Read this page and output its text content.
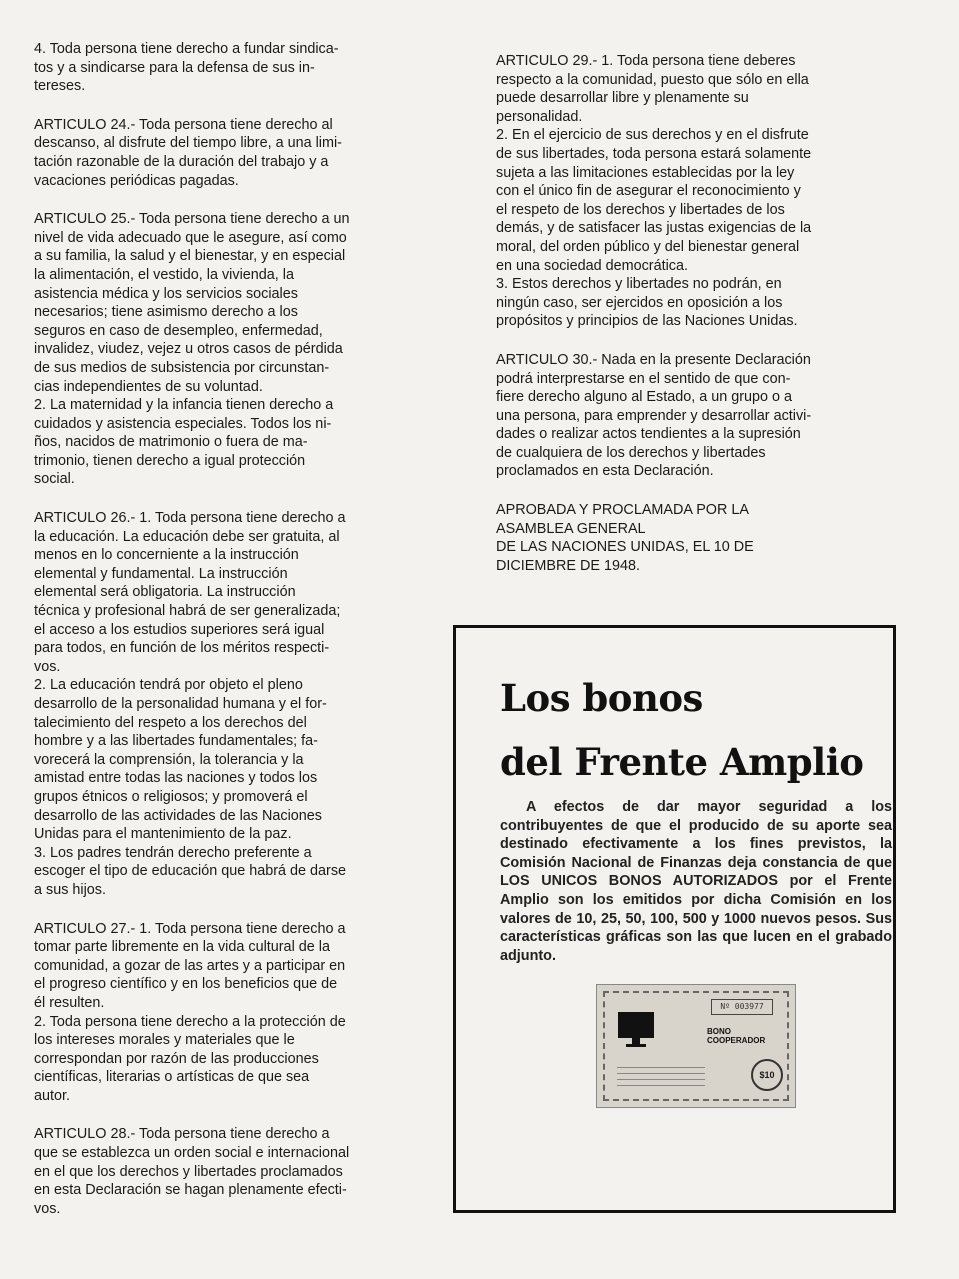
4. Toda persona tiene derecho a fundar sindica-
tos y a sindicarse para la defensa de sus in-
tereses.
ARTICULO 24.- Toda persona tiene derecho al
descanso, al disfrute del tiempo libre, a una limi-
tación razonable de la duración del trabajo y a
vacaciones periódicas pagadas.
ARTICULO 25.- Toda persona tiene derecho a un
nivel de vida adecuado que le asegure, así como
a su familia, la salud y el bienestar, y en especial
la alimentación, el vestido, la vivienda, la
asistencia médica y los servicios sociales
necesarios; tiene asimismo derecho a los
seguros en caso de desempleo, enfermedad,
invalidez, viudez, vejez u otros casos de pérdida
de sus medios de subsistencia por circunstan-
cias independientes de su voluntad.
2. La maternidad y la infancia tienen derecho a
cuidados y asistencia especiales. Todos los ni-
ños, nacidos de matrimonio o fuera de ma-
trimonio, tienen derecho a igual protección
social.
ARTICULO 26.- 1. Toda persona tiene derecho a
la educación. La educación debe ser gratuita, al
menos en lo concerniente a la instrucción
elemental y fundamental. La instrucción
elemental será obligatoria. La instrucción
técnica y profesional habrá de ser generalizada;
el acceso a los estudios superiores será igual
para todos, en función de los méritos respecti-
vos.
2. La educación tendrá por objeto el pleno
desarrollo de la personalidad humana y el for-
talecimiento del respeto a los derechos del
hombre y a las libertades fundamentales; fa-
vorecerá la comprensión, la tolerancia y la
amistad entre todas las naciones y todos los
grupos étnicos o religiosos; y promoverá el
desarrollo de las actividades de las Naciones
Unidas para el mantenimiento de la paz.
3. Los padres tendrán derecho preferente a
escoger el tipo de educación que habrá de darse
a sus hijos.
ARTICULO 27.- 1. Toda persona tiene derecho a
tomar parte libremente en la vida cultural de la
comunidad, a gozar de las artes y a participar en
el progreso científico y en los beneficios que de
él resulten.
2. Toda persona tiene derecho a la protección de
los intereses morales y materiales que le
correspondan por razón de las producciones
científicas, literarias o artísticas de que sea
autor.
ARTICULO 28.- Toda persona tiene derecho a
que se establezca un orden social e internacional
en el que los derechos y libertades proclamados
en esta Declaración se hagan plenamente efecti-
vos.
ARTICULO 29.- 1. Toda persona tiene deberes
respecto a la comunidad, puesto que sólo en ella
puede desarrollar libre y plenamente su
personalidad.
2. En el ejercicio de sus derechos y en el disfrute
de sus libertades, toda persona estará solamente
sujeta a las limitaciones establecidas por la ley
con el único fin de asegurar el reconocimiento y
el respeto de los derechos y libertades de los
demás, y de satisfacer las justas exigencias de la
moral, del orden público y del bienestar general
en una sociedad democrática.
3. Estos derechos y libertades no podrán, en
ningún caso, ser ejercidos en oposición a los
propósitos y principios de las Naciones Unidas.
ARTICULO 30.- Nada en la presente Declaración
podrá interprestarse en el sentido de que con-
fiere derecho alguno al Estado, a un grupo o a
una persona, para emprender y desarrollar activi-
dades o realizar actos tendientes a la supresión
de cualquiera de los derechos y libertades
proclamados en esta Declaración.
APROBADA Y PROCLAMADA POR LA
ASAMBLEA GENERAL
DE LAS NACIONES UNIDAS, EL 10 DE
DICIEMBRE DE 1948.
Los bonos
del Frente Amplio
A efectos de dar mayor seguridad a los contribuyentes de que el producido de su aporte sea destinado efectivamente a los fines previstos, la Comisión Nacional de Finanzas deja constancia de que LOS UNICOS BONOS AUTORIZADOS por el Frente Amplio son los emitidos por dicha Comisión en los valores de 10, 25, 50, 100, 500 y 1000 nuevos pesos. Sus características gráficas son las que lucen en el grabado adjunto.
Nº 003977
BONO COOPERADOR
$10
